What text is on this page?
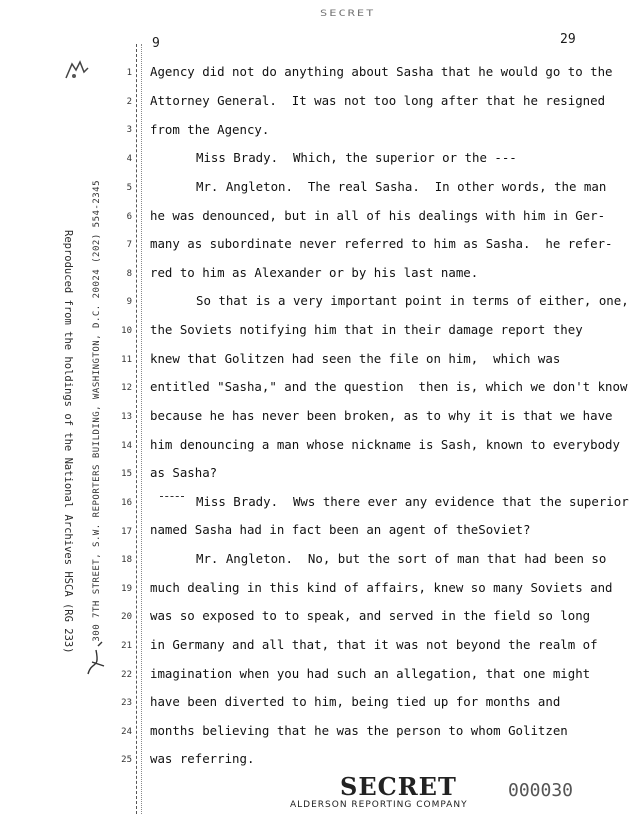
SECRET
9	29
Reproduced from the holdings of the National Archives HSCA (RG 233) 300 7TH STREET, S.W. REPORTERS BUILDING, WASHINGTON, D.C. 20024 (202) 554-2345
1
2
3
4
5
6
7
8
9
10
11
12
13
14
15
16
17
18
19
20
21
22
23
24
25
Agency did not do anything about Sasha that he would go to the
Attorney General.  It was not too long after that he resigned
from the Agency.
Miss Brady.  Which, the superior or the ---
Mr. Angleton.  The real Sasha.  In other words, the man
he was denounced, but in all of his dealings with him in Ger-
many as subordinate never referred to him as Sasha.  he refer-
red to him as Alexander or by his last name.
So that is a very important point in terms of either, one,
the Soviets notifying him that in their damage report they
knew that Golitzen had seen the file on him,  which was
entitled "Sasha," and the question  then is, which we don't know
because he has never been broken, as to why it is that we have
him denouncing a man whose nickname is Sash, known to everybody
as Sasha?
Miss Brady.  Wws there ever any evidence that the superior
named Sasha had in fact been an agent of theSoviet?
Mr. Angleton.  No, but the sort of man that had been so
much dealing in this kind of affairs, knew so many Soviets and
was so exposed to to speak, and served in the field so long
in Germany and all that, that it was not beyond the realm of
imagination when you had such an allegation, that one might
have been diverted to him, being tied up for months and
months believing that he was the person to whom Golitzen
was referring.
SECRET
ALDERSON REPORTING COMPANY
000030
